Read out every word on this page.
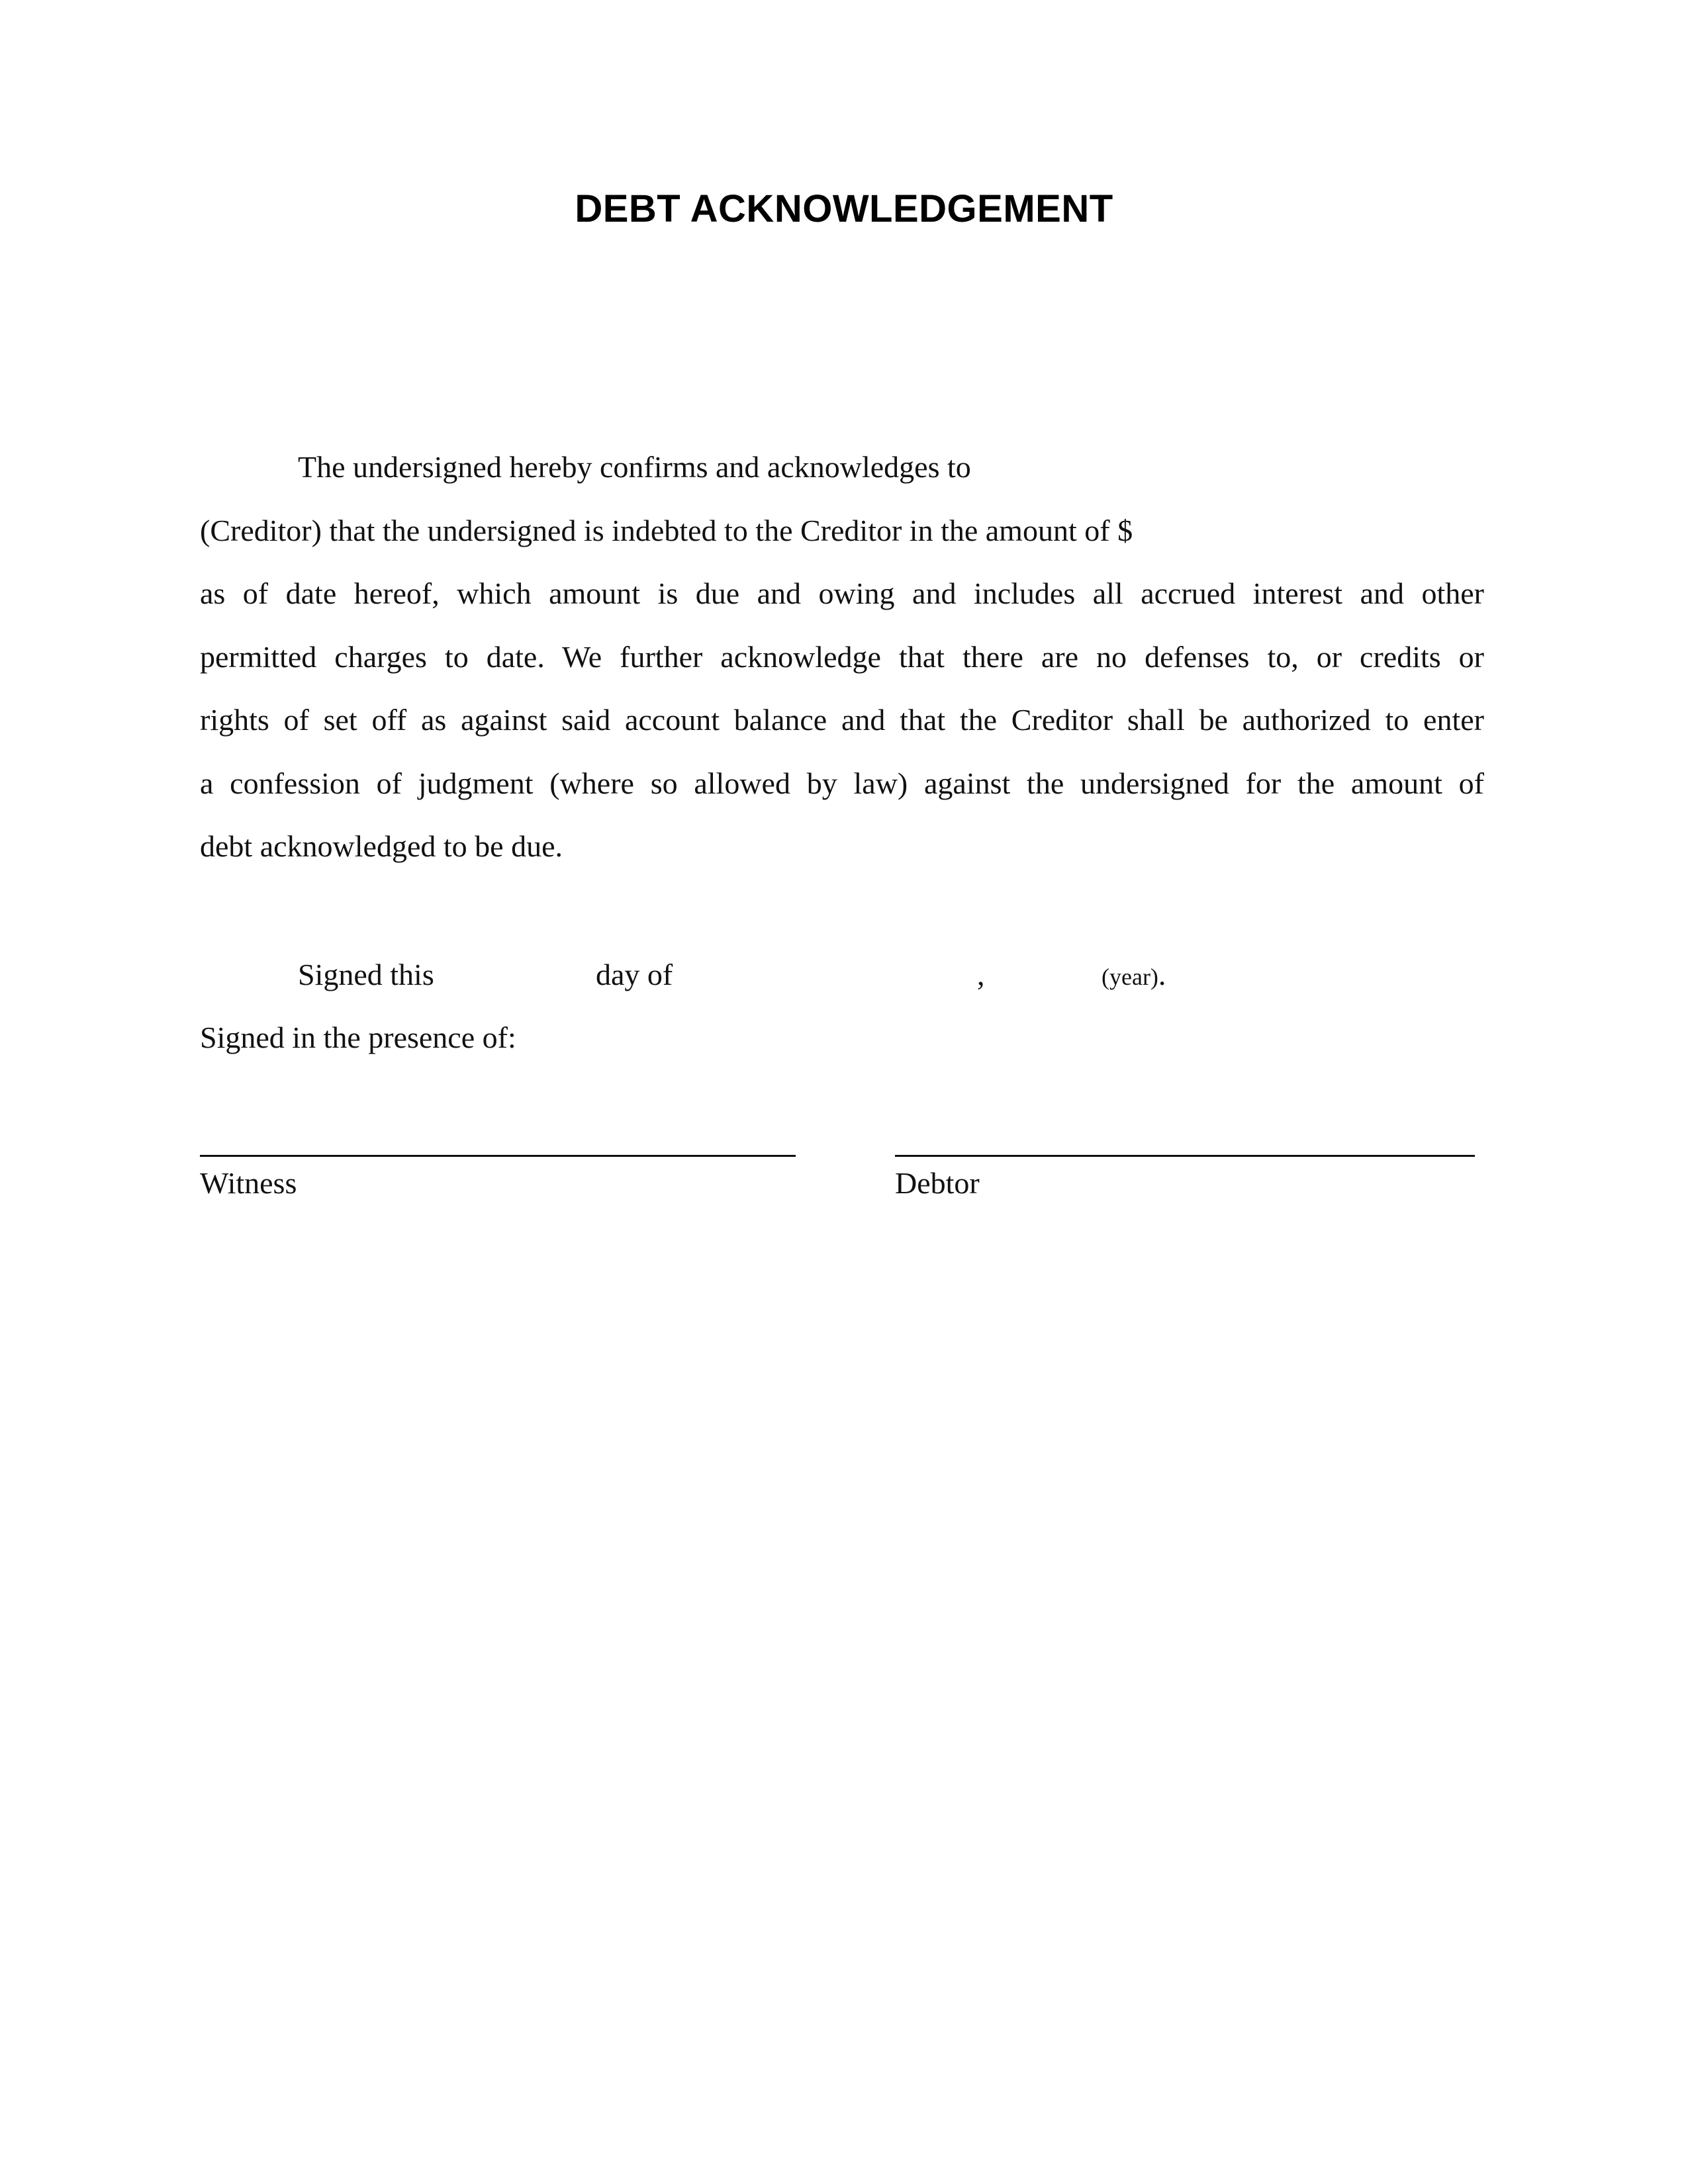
DEBT ACKNOWLEDGEMENT
The undersigned hereby confirms and acknowledges to
(Creditor) that the undersigned is indebted to the Creditor in the amount of $
as of date hereof, which amount is due and owing and includes all accrued interest and other
permitted charges to date. We further acknowledge that there are no defenses to, or credits or
rights of set off as against said account balance and that the Creditor shall be authorized to enter
a confession of judgment (where so allowed by law) against the undersigned for the amount of
debt acknowledged to be due.
Signed this	day of	,	(year).
Signed in the presence of:
Witness	Debtor
